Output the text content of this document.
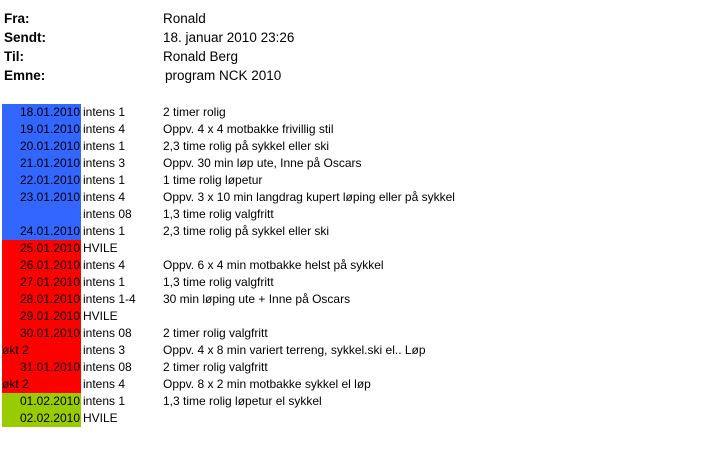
Fra:	Ronald
Sendt:	18. januar 2010 23:26
Til:	Ronald Berg
Emne:	program NCK 2010
18.01.2010 intens 1	2 timer rolig
19.01.2010 intens 4	Oppv. 4 x 4 motbakke frivillig stil
20.01.2010 intens 1	2,3 time rolig på sykkel eller ski
21.01.2010 intens 3	Oppv. 30 min løp ute, Inne på Oscars
22.01.2010 intens 1	1 time rolig løpetur
23.01.2010 intens 4	Oppv. 3 x 10 min langdrag kupert løping eller på sykkel
intens 08	1,3 time rolig valgfritt
24.01.2010 intens 1	2,3 time rolig på sykkel eller ski
25.01.2010 HVILE
26.01.2010 intens 4	Oppv. 6 x 4 min motbakke helst på sykkel
27.01.2010 intens 1	1,3 time rolig valgfritt
28.01.2010 intens 1-4	30 min løping ute + Inne på Oscars
29.01.2010 HVILE
30.01.2010 intens 08	2 timer rolig valgfritt
økt 2	intens 3	Oppv. 4 x 8 min variert terreng, sykkel.ski el.. Løp
31.01.2010 intens 08	2 timer rolig valgfritt
økt 2	intens 4	Oppv. 8 x 2 min motbakke sykkel el løp
01.02.2010 intens 1	1,3 time rolig løpetur el sykkel
02.02.2010 HVILE
